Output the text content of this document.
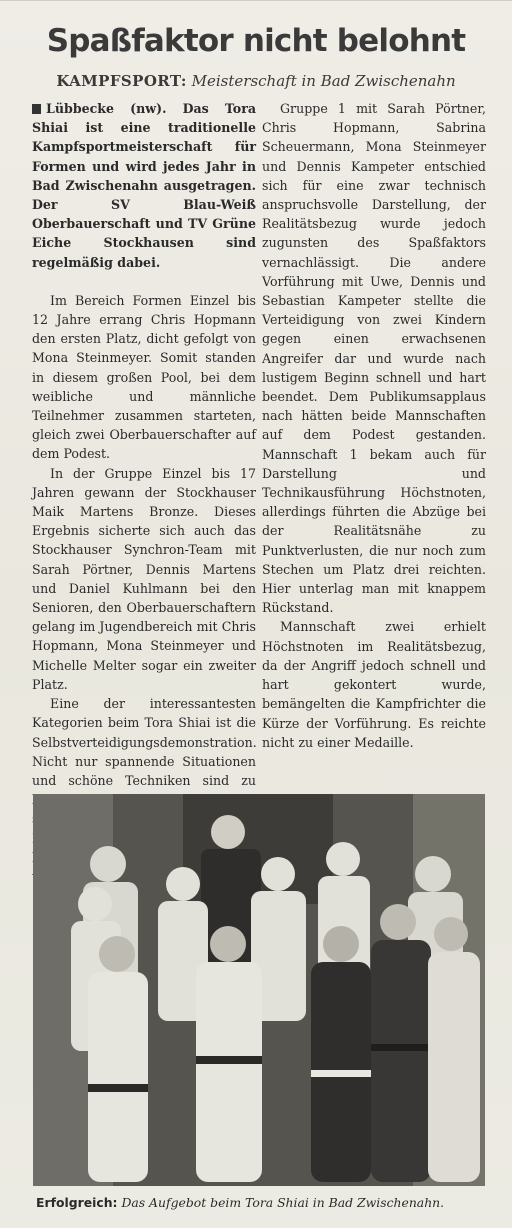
Spaßfaktor nicht belohnt
KAMPFSPORT: Meisterschaft in Bad Zwischenahn

Lübbecke (nw). Das Tora Shiai ist eine traditionelle Kampfsportmeisterschaft für Formen und wird jedes Jahr in Bad Zwischenahn ausgetragen. Der SV Blau-Weiß Oberbauerschaft und TV Grüne Eiche Stockhausen sind regelmäßig dabei.

Im Bereich Formen Einzel bis 12 Jahre errang Chris Hopmann den ersten Platz, dicht gefolgt von Mona Steinmeyer. Somit standen in diesem großen Pool, bei dem weibliche und männliche Teilnehmer zusammen starteten, gleich zwei Oberbauerschafter auf dem Podest.

In der Gruppe Einzel bis 17 Jahren gewann der Stockhauser Maik Martens Bronze. Dieses Ergebnis sicherte sich auch das Stockhauser Synchron-Team mit Sarah Pörtner, Dennis Martens und Daniel Kuhlmann bei den Senioren, den Oberbauerschaftern gelang im Jugendbereich mit Chris Hopmann, Mona Steinmeyer und Michelle Melter sogar ein zweiter Platz.

Eine der interessantesten Kategorien beim Tora Shiai ist die Selbstverteidigungsdemonstration. Nicht nur spannende Situationen und schöne Techniken sind zu

Gruppe 1 mit Sarah Pörtner, Chris Hopmann, Sabrina Scheuermann, Mona Steinmeyer und Dennis Kampeter entschied sich für eine zwar technisch anspruchsvolle Darstellung, der Realitätsbezug wurde jedoch zugunsten des Spaßfaktors vernachlässigt. Die andere Vorführung mit Uwe, Dennis und Sebastian Kampeter stellte die Verteidigung von zwei Kindern gegen einen erwachsenen Angreifer dar und wurde nach lustigem Beginn schnell und hart beendet. Dem Publikumsapplaus nach hätten beide Mannschaften auf dem Podest gestanden. Mannschaft 1 bekam auch für Darstellung und Technikausführung Höchstnoten, allerdings führten die Abzüge bei der Realitätsnähe zu Punktverlusten, die nur noch zum Stechen um Platz drei reichten. Hier unterlag man mit knappem Rückstand.

Mannschaft zwei erhielt Höchstnoten im Realitätsbezug, da der Angriff jedoch schnell und hart gekontert wurde, bemängelten die Kampfrichter die Kürze der Vorführung. Es reichte nicht zu einer Medaille.

Erfolgreich: Das Aufgebot beim Tora Shiai in Bad Zwischenahn.
